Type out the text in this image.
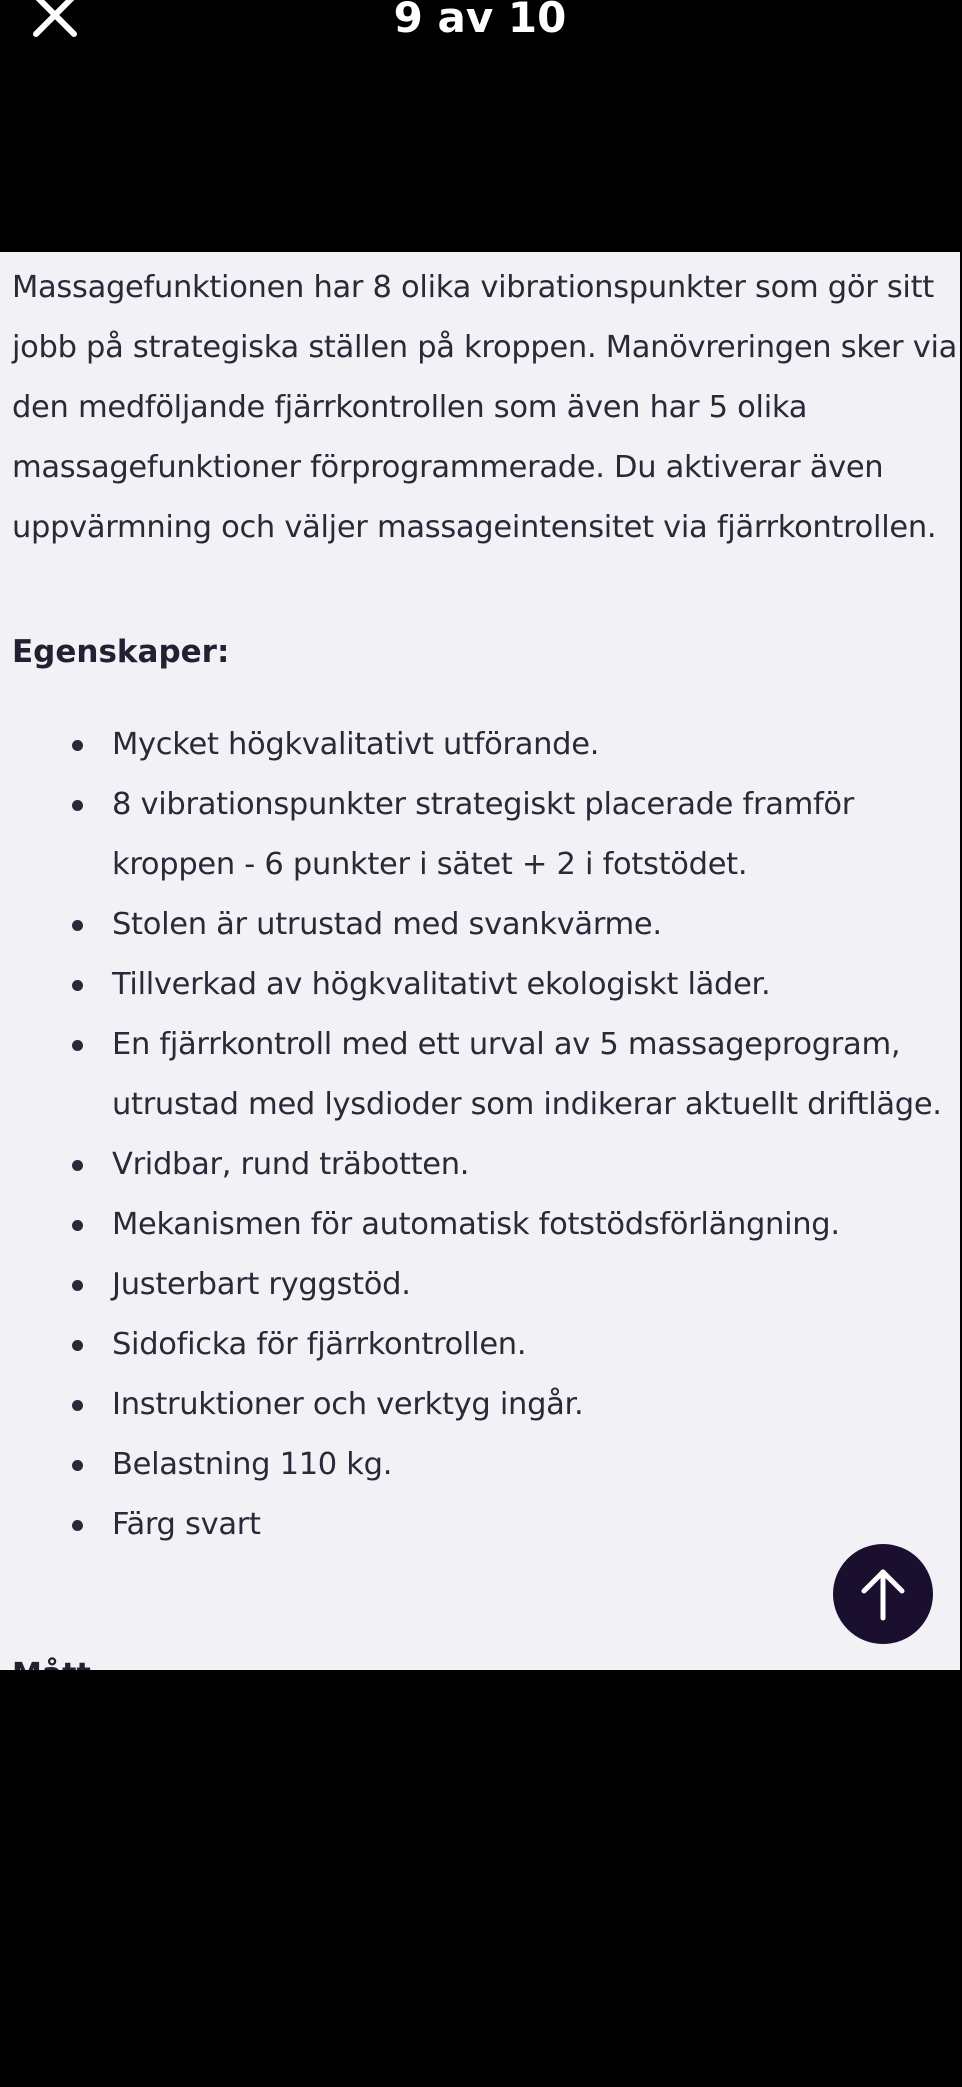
9 av 10

Massagefunktionen har 8 olika vibrationspunkter som gör sitt jobb på strategiska ställen på kroppen. Manövreringen sker via den medföljande fjärrkontrollen som även har 5 olika massagefunktioner förprogrammerade. Du aktiverar även uppvärmning och väljer massageintensitet via fjärrkontrollen.

Egenskaper:

Mycket högkvalitativt utförande.
8 vibrationspunkter strategiskt placerade framför kroppen - 6 punkter i sätet + 2 i fotstödet.
Stolen är utrustad med svankvärme.
Tillverkad av högkvalitativt ekologiskt läder.
En fjärrkontroll med ett urval av 5 massageprogram, utrustad med lysdioder som indikerar aktuellt driftläge.
Vridbar, rund träbotten.
Mekanismen för automatisk fotstödsförlängning.
Justerbart ryggstöd.
Sidoficka för fjärrkontrollen.
Instruktioner och verktyg ingår.
Belastning 110 kg.
Färg svart
